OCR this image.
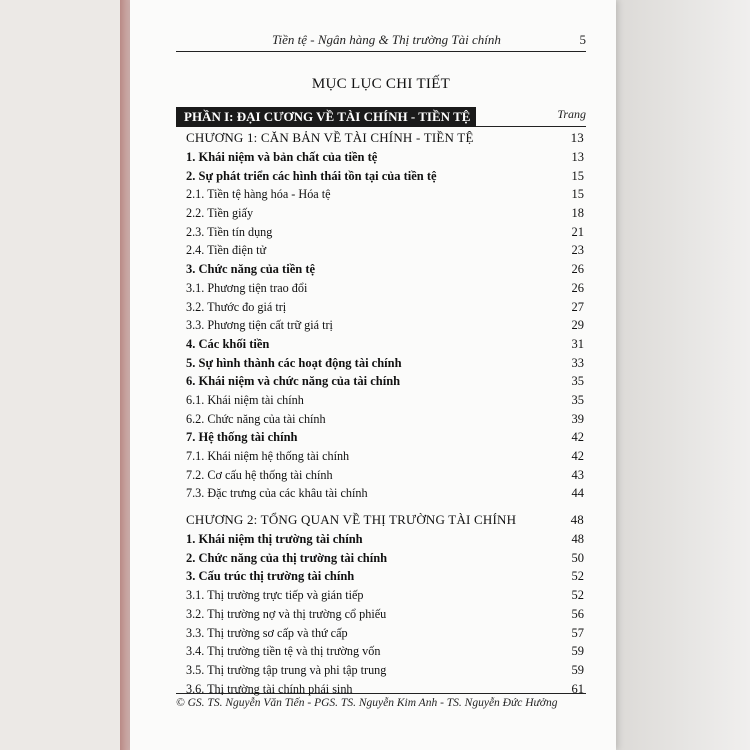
Tiền tệ - Ngân hàng & Thị trường Tài chính	5
MỤC LỤC CHI TIẾT
PHẦN I: ĐẠI CƯƠNG VỀ TÀI CHÍNH - TIỀN TỆ	Trang
CHƯƠNG 1: CĂN BẢN VỀ TÀI CHÍNH - TIỀN TỆ	13
1. Khái niệm và bản chất của tiền tệ	13
2. Sự phát triển các hình thái tồn tại của tiền tệ	15
2.1. Tiền tệ hàng hóa - Hóa tệ	15
2.2. Tiền giấy	18
2.3. Tiền tín dụng	21
2.4. Tiền điện tử	23
3. Chức năng của tiền tệ	26
3.1. Phương tiện trao đổi	26
3.2. Thước đo giá trị	27
3.3. Phương tiện cất trữ giá trị	29
4. Các khối tiền	31
5. Sự hình thành các hoạt động tài chính	33
6. Khái niệm và chức năng của tài chính	35
6.1. Khái niệm tài chính	35
6.2. Chức năng của tài chính	39
7. Hệ thống tài chính	42
7.1. Khái niệm hệ thống tài chính	42
7.2. Cơ cấu hệ thống tài chính	43
7.3. Đặc trưng của các khâu tài chính	44
CHƯƠNG 2: TỔNG QUAN VỀ THỊ TRƯỜNG TÀI CHÍNH	48
1. Khái niệm thị trường tài chính	48
2. Chức năng của thị trường tài chính	50
3. Cấu trúc thị trường tài chính	52
3.1. Thị trường trực tiếp và gián tiếp	52
3.2. Thị trường nợ và thị trường cổ phiếu	56
3.3. Thị trường sơ cấp và thứ cấp	57
3.4. Thị trường tiền tệ và thị trường vốn	59
3.5. Thị trường tập trung và phi tập trung	59
3.6. Thị trường tài chính phái sinh	61
© GS. TS. Nguyễn Văn Tiến - PGS. TS. Nguyễn Kim Anh - TS. Nguyễn Đức Hưởng
